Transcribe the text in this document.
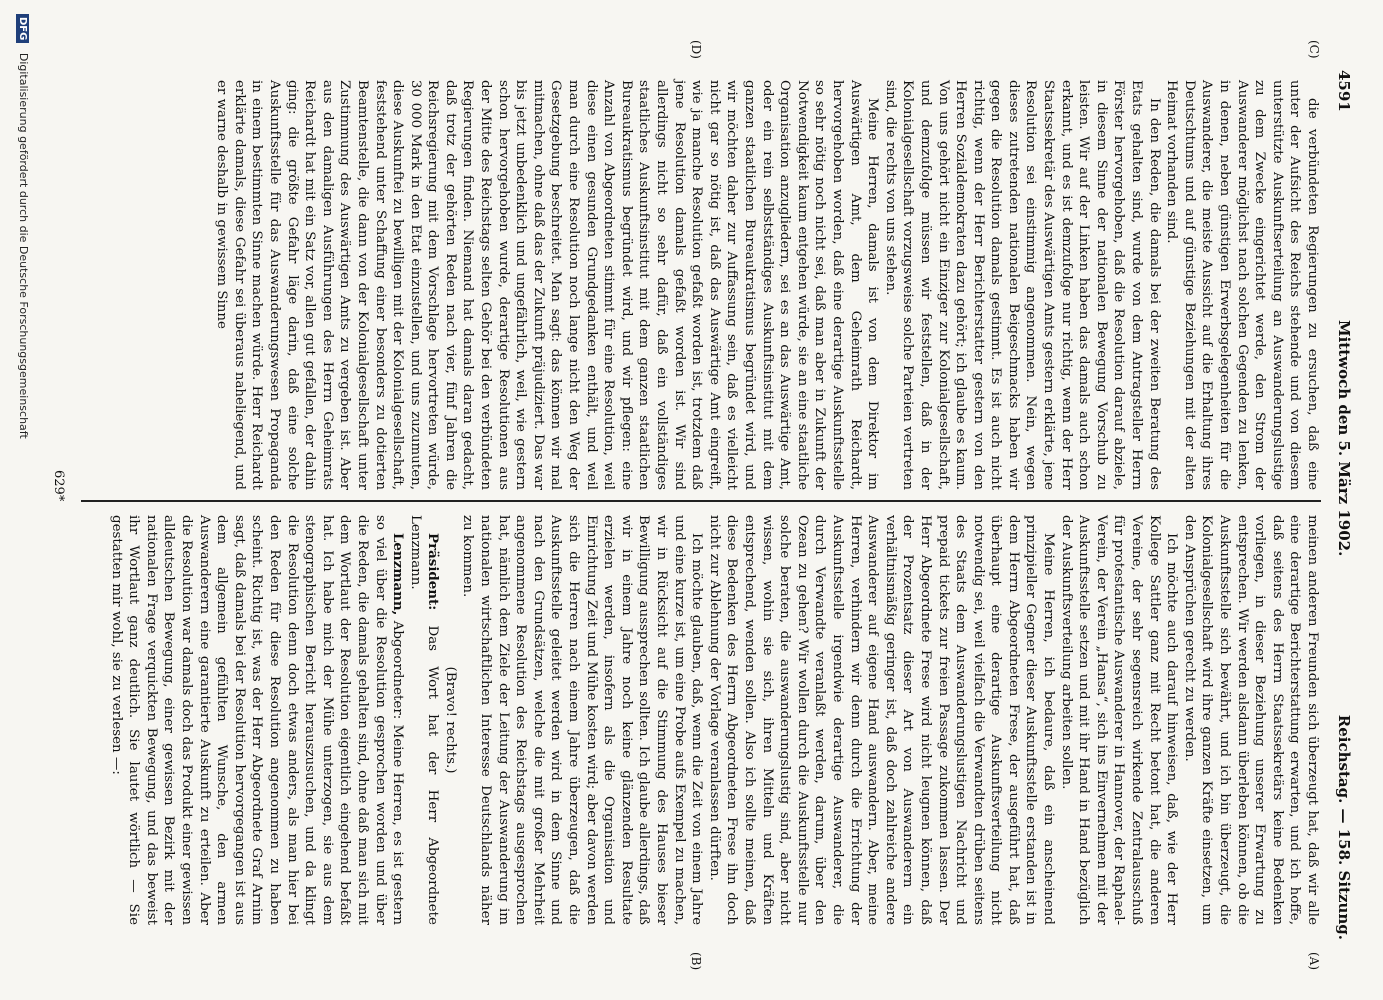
4591
Mittwoch den 5. März 1902.
Reichstag. — 158. Sitzung.
(A)
(B)
(C)
(D)

meinen anderen Freunden sich überzeugt hat, daß wir alle eine derartige Berichterstattung erwarten, und ich hoffe, daß seitens des Herrn Staatssekretärs keine Bedenken vorliegen, in dieser Beziehung unserer Erwartung zu entsprechen. Wir werden alsdann überleben können, ob die Auskunftsstelle sich bewährt, und ich bin überzeugt, die Kolonialgesellschaft wird ihre ganzen Kräfte einsetzen, um den Ansprüchen gerecht zu werden.

Ich möchte auch darauf hinweisen, daß, wie der Herr Kollege Sattler ganz mit Recht betont hat, die anderen Vereine, der sehr segensreich wirkende Zentralausschuß für protestantische Auswanderer in Hannover, der Raphael-Verein, der Verein „Hansa“, sich ins Einvernehmen mit der Auskunftsstelle setzen und mit ihr Hand in Hand bezüglich der Auskunftsverteilung arbeiten sollen.

Meine Herren, ich bedaure, daß ein anscheinend prinzipieller Gegner dieser Auskunftsstelle erstanden ist in dem Herrn Abgeordneten Frese, der ausgeführt hat, daß überhaupt eine derartige Auskunftsverteilung nicht notwendig sei, weil vielfach die Verwandten drüben seitens des Staats dem Auswanderungslustigen Nachricht und prepaid tickets zur freien Passage zukommen lassen. Der Herr Abgeordnete Frese wird nicht leugnen können, daß der Prozentsatz dieser Art von Auswanderern ein verhältnismäßig geringer ist, daß doch zahlreiche andere Auswanderer auf eigene Hand auswandern. Aber, meine Herren, verhindern wir denn durch die Errichtung der Auskunftsstelle irgendwie derartige Auswanderer, die durch Verwandte veranlaßt werden, darum, über den Ozean zu gehen? Wir wollen durch die Auskunftsstelle nur solche beraten, die auswanderungslustig sind, aber nicht wissen, wohin sie sich, ihren Mitteln und Kräften entsprechend, wenden sollen. Also ich sollte meinen, daß diese Bedenken des Herrn Abgeordneten Frese ihn doch nicht zur Ablehnung der Vorlage veranlassen dürften.

Ich möchte glauben, daß, wenn die Zeit von einem Jahre und eine kurze ist, um eine Probe aufs Exempel zu machen, wir in Rücksicht auf die Stimmung des Hauses bieser Bewilligung aussprechen sollten. Ich glaube allerdings, daß wir in einem Jahre noch keine glänzenden Resultate erzielen werden, insofern als die Organisation und Einrichtung Zeit und Mühe kosten wird; aber davon werden sich die Herren nach einem Jahre überzeugen, daß die Auskunftsstelle geleitet werden wird in dem Sinne und nach den Grundsätzen, welche die mit großer Mehrheit angenommene Resolution des Reichstags ausgesprochen hat, nämlich dem Ziele der Leitung der Auswanderung im nationalen wirtschaftlichen Interesse Deutschlands näher zu kommen.

(Bravo! rechts.)

Präsident: Das Wort hat der Herr Abgeordnete Lenzmann.

Lenzmann, Abgeordneter: Meine Herren, es ist gestern so viel über die Resolution gesprochen worden und über die Reden, die damals gehalten sind, ohne daß man sich mit dem Wortlaut der Resolution eigentlich eingehend befaßt hat. Ich habe mich der Mühe unterzogen, sie aus dem stenographischen Bericht herauszusuchen, und da klingt die Resolution denn doch etwas anders, als man hier bei den Reden für diese Resolution angenommen zu haben scheint. Richtig ist, was der Herr Abgeordnete Graf Arnim sagt, daß damals bei der Resolution hervorgegangen ist aus dem allgemein gefühlten Wunsche, den armen Auswanderern eine garantierte Auskunft zu erteilen. Aber die Resolution war damals doch das Produkt einer gewissen alldeutschen Bewegung, einer gewissen Bezirk mit der nationalen Frage verquickten Bewegung, und das beweist ihr Wortlaut ganz deutlich. Sie lautet wörtlich — Sie gestatten mir wohl, sie zu verlesen —:

die verbündeten Regierungen zu ersuchen, daß eine unter der Aufsicht des Reichs stehende und von diesem unterstützte Auskunftserteilung an Auswanderungslustige zu dem Zwecke eingerichtet werde, den Strom der Auswanderer möglichst nach solchen Gegenden zu lenken, in denen, neben günstigen Erwerbsgelegenheiten für die Auswanderer, die meiste Aussicht auf die Erhaltung ihres Deutschtums und auf günstige Beziehungen mit der alten Heimat vorhanden sind.

In den Reden, die damals bei der zweiten Beratung des Etats gehalten sind, wurde von dem Antragsteller Herrn Förster hervorgehoben, daß die Resolution darauf abziele, in diesem Sinne der nationalen Bewegung Vorschub zu leisten. Wir auf der Linken haben das damals auch schon erkannt, und es ist demzufolge nur richtig, wenn der Herr Staatssekretär des Auswärtigen Amts gestern erklärte, jene Resolution sei einstimmig angenommen. Nein, wegen dieses zutretenden nationalen Beigeschmacks haben wir gegen die Resolution damals gestimmt. Es ist auch nicht richtig, wenn der Herr Berichterstatter gestern von den Herren Sozialdemokraten dazu gehört; ich glaube es kaum. Von uns gehört nicht ein Einziger zur Kolonialgesellschaft, und demzufolge müssen wir feststellen, daß in der Kolonialgesellschaft vorzugsweise solche Parteien vertreten sind, die rechts von uns stehen.

Meine Herren, damals ist von dem Direktor im Auswärtigen Amt, dem Geheimrath Reichardt, hervorgehoben worden, daß eine derartige Auskunftsstelle so sehr nötig noch nicht sei, daß man aber in Zukunft der Notwendigkeit kaum entgehen würde, sie an eine staatliche Organisation anzugliedern, sei es an das Auswärtige Amt, oder ein rein selbstständiges Auskunftsinstitut mit dem ganzen staatlichen Bureaukratismus begründet wird, und wir möchten daher zur Auffassung sein, daß es vielleicht nicht gar so nötig ist, daß das Auswärtige Amt eingreift, wie ja manche Resolution gefaßt worden ist, trotzdem daß jene Resolution damals gefaßt worden ist. Wir sind allerdings nicht so sehr dafür, daß ein vollständiges staatliches Auskunftsinstitut mit dem ganzen staatlichen Bureaukratismus begründet wird, und wir pflegen: eine Anzahl von Abgeordneten stimmt für eine Resolution, weil diese einen gesunden Grundgedanken enthält, und weil man durch eine Resolution noch lange nicht den Weg der Gesetzgebung beschreitet. Man sagt: das können wir mal mitmachen, ohne daß das der Zukunft präjudiziert. Das war bis jetzt unbedenklich und ungefährlich, weil, wie gestern schon hervorgehoben wurde, derartige Resolutionen aus der Mitte des Reichstags selten Gehör bei den verbündeten Regierungen finden. Niemand hat damals daran gedacht, daß trotz der gehörten Reden nach vier, fünf Jahren die Reichsregierung mit dem Vorschlage hervortreten würde, 30 000 Mark in den Etat einzustellen, und uns zuzumuten, diese Auskunftei zu bewilligen mit der Kolonialgesellschaft, feststehend unter Schaffung einer besonders zu dotierten Beamtenstelle, die dann von der Kolonialgesellschaft unter Zustimmung des Auswärtigen Amts zu vergeben ist. Aber aus den damaligen Ausführungen des Herrn Geheimrats Reichardt hat mit ein Satz vor, allen gut gefallen, der dahin ging: die größte Gefahr läge darin, daß eine solche Auskunftsstelle für das Auswanderungswesen Propaganda in einem bestimmten Sinne machen würde. Herr Reichardt erklärte damals, diese Gefahr sei überaus naheliegend, und er warne deshalb in gewissem Sinne

629*
DFG Digitalisierung gefördert durch die Deutsche Forschungsgemeinschaft
